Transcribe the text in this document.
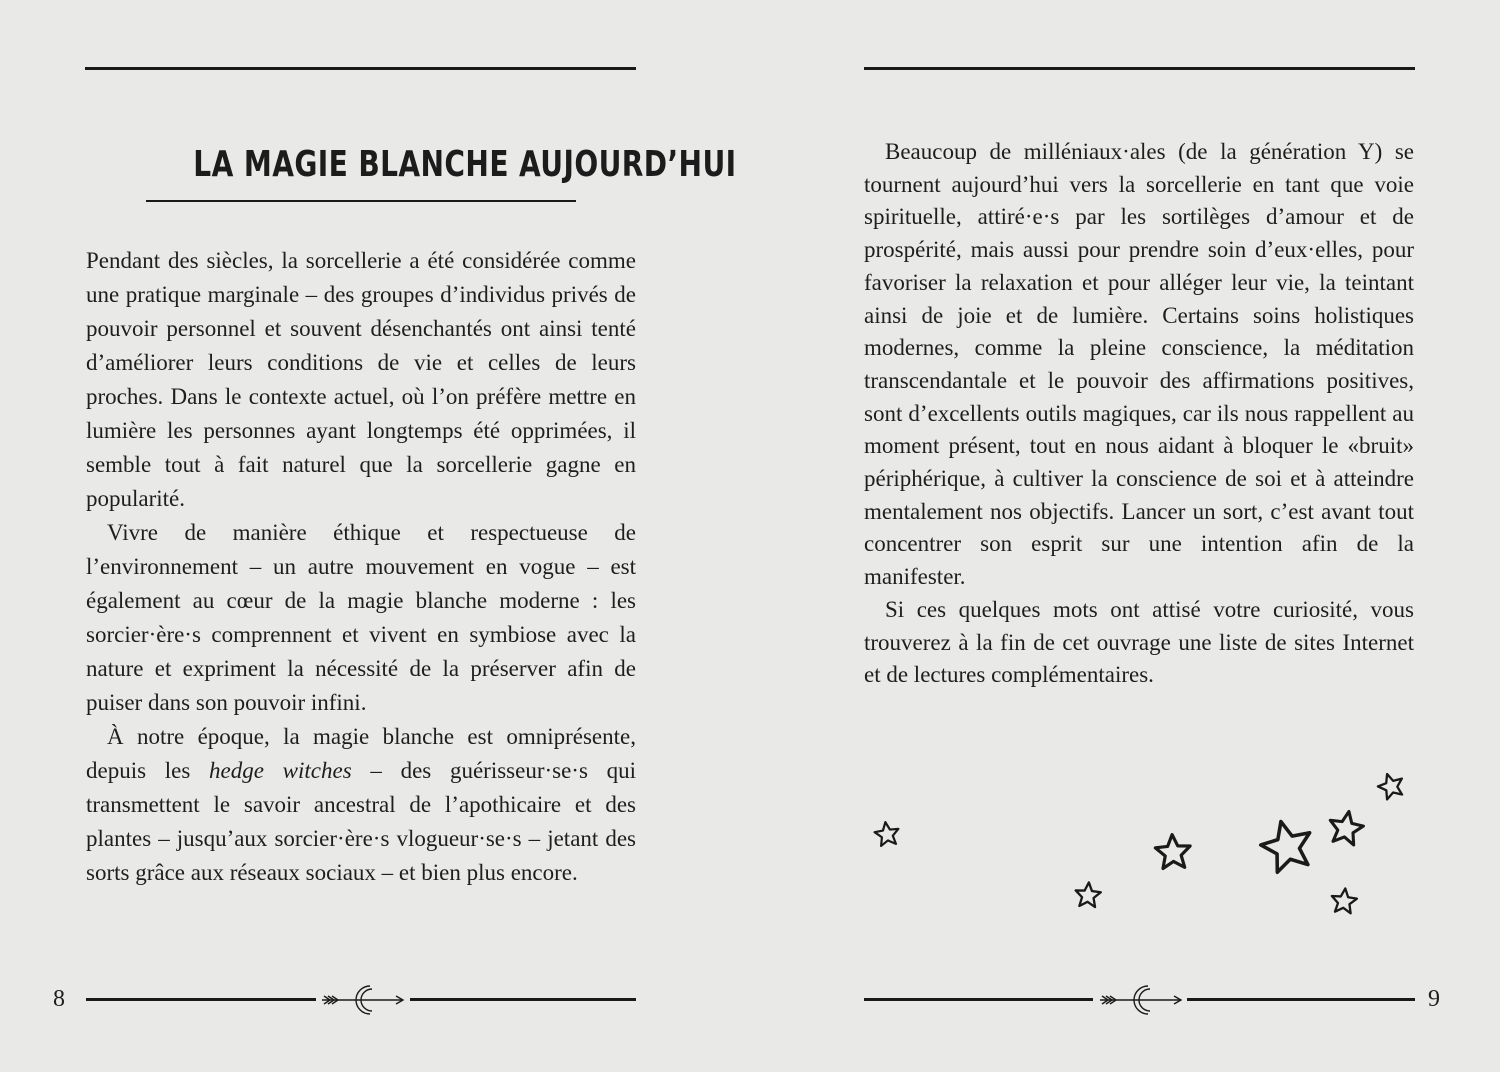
LA MAGIE BLANCHE AUJOURD’HUI

Pendant des siècles, la sorcellerie a été considérée comme une pratique marginale – des groupes d’individus privés de pouvoir personnel et souvent désenchantés ont ainsi tenté d’améliorer leurs conditions de vie et celles de leurs proches. Dans le contexte actuel, où l’on préfère mettre en lumière les personnes ayant longtemps été opprimées, il semble tout à fait naturel que la sorcellerie gagne en popularité.

Vivre de manière éthique et respectueuse de l’environnement – un autre mouvement en vogue – est également au cœur de la magie blanche moderne : les sorcier·ère·s comprennent et vivent en symbiose avec la nature et expriment la nécessité de la préserver afin de puiser dans son pouvoir infini.

À notre époque, la magie blanche est omniprésente, depuis les hedge witches – des guérisseur·se·s qui transmettent le savoir ancestral de l’apothicaire et des plantes – jusqu’aux sorcier·ère·s vlogueur·se·s – jetant des sorts grâce aux réseaux sociaux – et bien plus encore.

8

Beaucoup de milléniaux·ales (de la génération Y) se tournent aujourd’hui vers la sorcellerie en tant que voie spirituelle, attiré·e·s par les sortilèges d’amour et de prospérité, mais aussi pour prendre soin d’eux·elles, pour favoriser la relaxation et pour alléger leur vie, la teintant ainsi de joie et de lumière. Certains soins holistiques modernes, comme la pleine conscience, la méditation transcendantale et le pouvoir des affirmations positives, sont d’excellents outils magiques, car ils nous rappellent au moment présent, tout en nous aidant à bloquer le «bruit» périphérique, à cultiver la conscience de soi et à atteindre mentalement nos objectifs. Lancer un sort, c’est avant tout concentrer son esprit sur une intention afin de la manifester.

Si ces quelques mots ont attisé votre curiosité, vous trouverez à la fin de cet ouvrage une liste de sites Internet et de lectures complémentaires.

9
